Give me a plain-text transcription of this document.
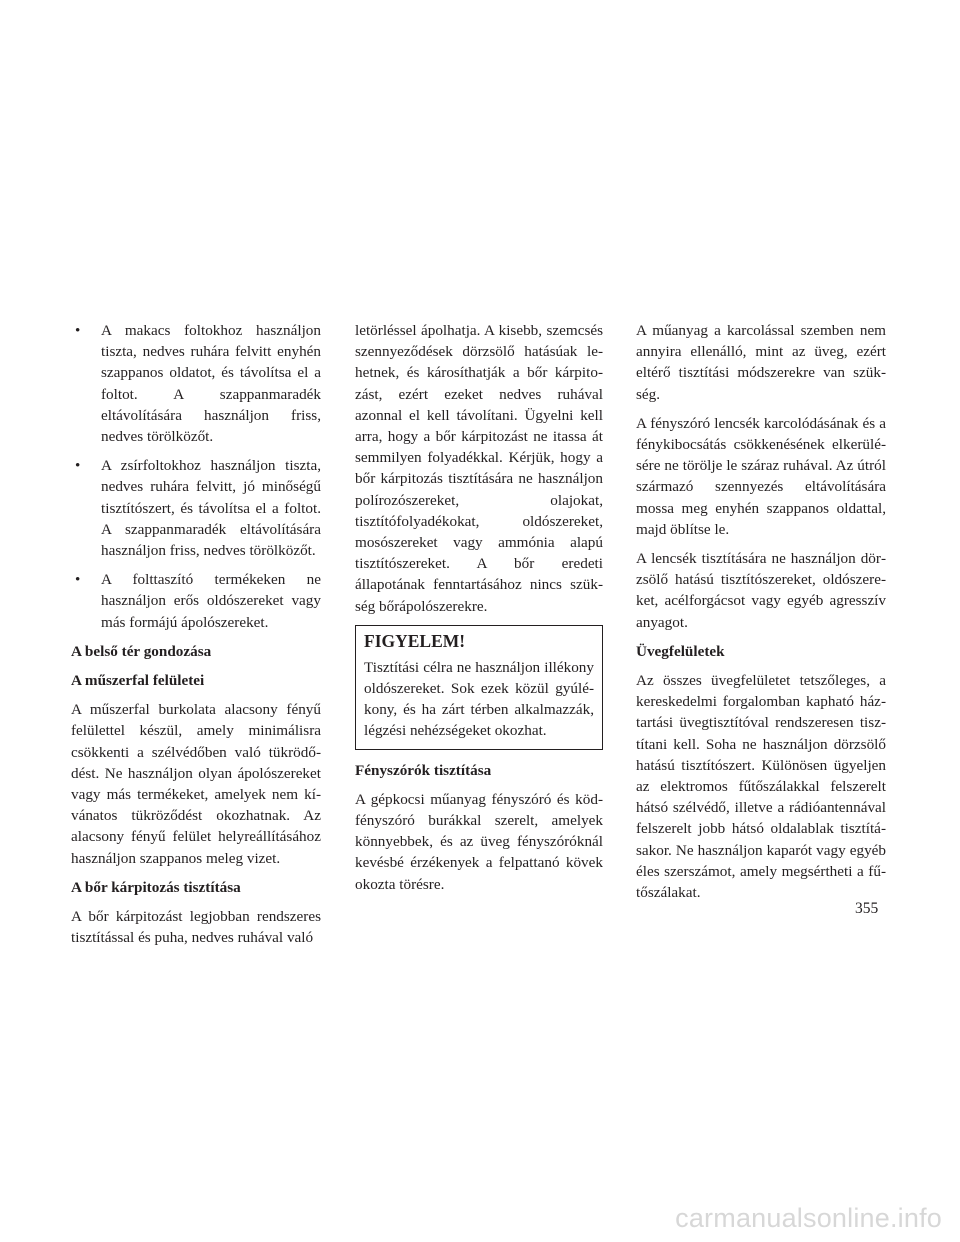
• A makacs foltokhoz használjon tiszta, nedves ruhára felvitt enyhén szappanos oldatot, és távolítsa el a foltot. A szappanmaradék eltávolítására használjon friss, nedves törölközőt.
• A zsírfoltokhoz használjon tiszta, nedves ruhára felvitt, jó minőségű tisztítószert, és távolítsa el a foltot. A szappanmaradék eltávolítására használjon friss, nedves törölközőt.
• A folttaszító termékeken ne használjon erős oldószereket vagy más formájú ápolószereket.

A belső tér gondozása

A műszerfal felületei

A műszerfal burkolata alacsony fényű felülettel készül, amely minimálisra csökkenti a szélvédőben való tükrödődést. Ne használjon olyan ápolószereket vagy más termékeket, amelyek nem kívánatos tükröződést okozhatnak. Az alacsony fényű felület helyreállításához használjon szappanos meleg vizet.

A bőr kárpitozás tisztítása

A bőr kárpitozást legjobban rendszeres tisztítással és puha, nedves ruhával való

letörléssel ápolhatja. A kisebb, szemcsés szennyeződések dörzsölő hatásúak lehetnek, és károsíthatják a bőr kárpitozást, ezért ezeket nedves ruhával azonnal el kell távolítani. Ügyelni kell arra, hogy a bőr kárpitozást ne itassa át semmilyen folyadékkal. Kérjük, hogy a bőr kárpitozás tisztítására ne használjon polírozószereket, olajokat, tisztítófolyadékokat, oldószereket, mosószereket vagy ammónia alapú tisztítószereket. A bőr eredeti állapotának fenntartásához nincs szükség bőrápolószerekre.

FIGYELEM!

Tisztítási célra ne használjon illékony oldószereket. Sok ezek közül gyúlékony, és ha zárt térben alkalmazzák, légzési nehézségeket okozhat.

Fényszórók tisztítása

A gépkocsi műanyag fényszóró és ködfényszóró burákkal szerelt, amelyek könnyebbek, és az üveg fényszóróknál kevésbé érzékenyek a felpattanó kövek okozta törésre.

A műanyag a karcolással szemben nem annyira ellenálló, mint az üveg, ezért eltérő tisztítási módszerekre van szükség.

A fényszóró lencsék karcolódásának és a fénykibocsátás csökkenésének elkerülésére ne törölje le száraz ruhával. Az útról származó szennyezés eltávolítására mossa meg enyhén szappanos oldattal, majd öblítse le.

A lencsék tisztítására ne használjon dörzsölő hatású tisztítószereket, oldószereket, acélforgácsot vagy egyéb agresszív anyagot.

Üvegfelületek

Az összes üvegfelületet tetszőleges, a kereskedelmi forgalomban kapható háztartási üvegtisztítóval rendszeresen tisztítani kell. Soha ne használjon dörzsölő hatású tisztítószert. Különösen ügyeljen az elektromos fűtőszálakkal felszerelt hátsó szélvédő, illetve a rádióantennával felszerelt jobb hátsó oldalablak tisztításakor. Ne használjon kaparót vagy egyéb éles szerszámot, amely megsértheti a fűtőszálakat.

355
carmanualsonline.info
